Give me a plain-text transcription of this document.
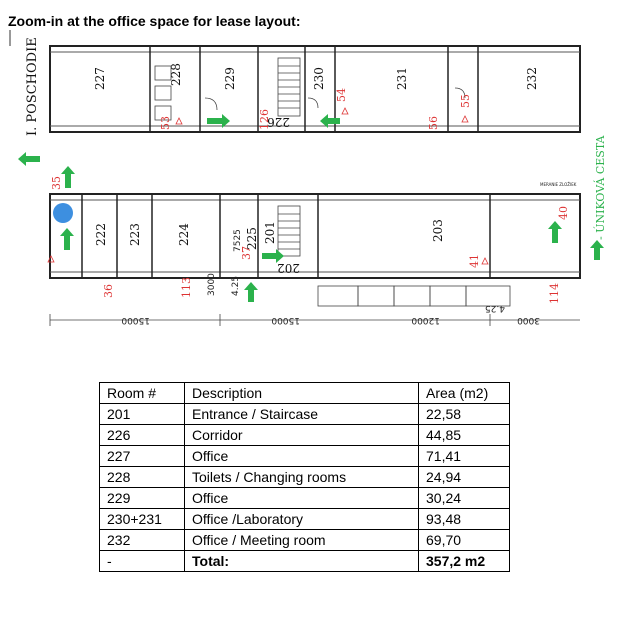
Zoom-in at the office space for lease layout:
227	228	229	230	231	232
226
53	126
54	55
56
I. POSCHODIE
222 223	224	225 201	203
202
35
36	113
37
41
40
114
- ÚNIKOVÁ CESTA
MERANIE ZLOŽIEK
15000
3000
15000	12000	3000
4.25
4.25
7525
Room #	Description	Area (m2)
201	Entrance / Staircase	22,58
226	Corridor	44,85
227	Office	71,41
228	Toilets / Changing rooms	24,94
229	Office	30,24
230+231	Office /Laboratory	93,48
232	Office / Meeting room	69,70
-	Total:	357,2 m2
